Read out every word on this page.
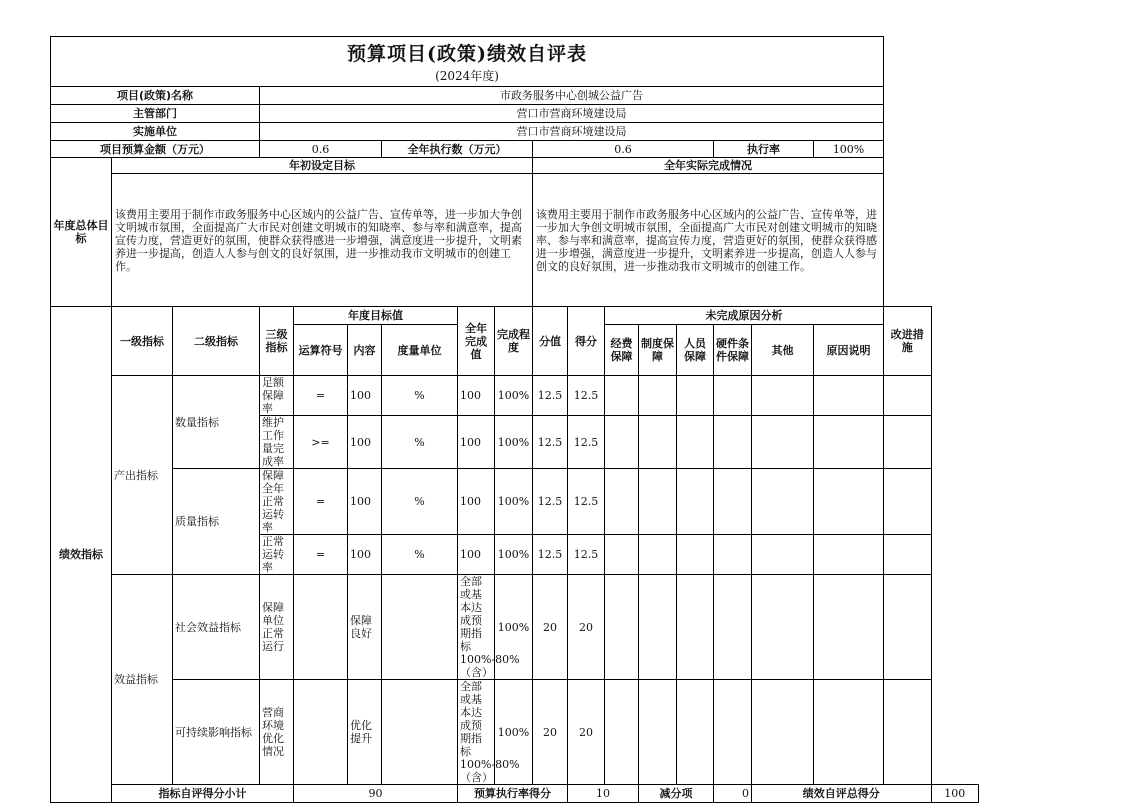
预算项目(政策)绩效自评表																		
(2024年度)																		
项目(政策)名称			市政务服务中心创城公益广告															
主管部门			营口市营商环境建设局															
实施单位			营口市营商环境建设局															
项目预算金额（万元）			0.6			全年执行数（万元）			0.6					执行率		100%		
年度总体目标	年初设定目标								全年实际完成情况									
	该费用主要用于制作市政务服务中心区域内的公益广告、宣传单等，进一步加大争创文明城市氛围，全面提高广大市民对创建文明城市的知晓率、参与率和满意率，提高宣传力度，营造更好的氛围，使群众获得感进一步增强，满意度进一步提升，文明素养进一步提高，创造人人参与创文的良好氛围，进一步推动我市文明城市的创建工作。								该费用主要用于制作市政务服务中心区域内的公益广告、宣传单等，进一步加大争创文明城市氛围，全面提高广大市民对创建文明城市的知晓率、参与率和满意率，提高宣传力度，营造更好的氛围，使群众获得感进一步增强，满意度进一步提升，文明素养进一步提高，创造人人参与创文的良好氛围，进一步推动我市文明城市的创建工作。									
绩效指标	一级指标	二级指标	三级指标	年度目标值			全年完成值	完成程度	分值	得分	未完成原因分析						改进措施	
				运算符号	内容	度量单位					经费保障	制度保障	人员保障	硬件条件保障	其他	原因说明		
	产出指标	数量指标	足额保障率	=	100	%	100	100%	12.5	12.5								
			维护工作量完成率	>=	100	%	100	100%	12.5	12.5								
		质量指标	保障全年正常运转率	=	100	%	100	100%	12.5	12.5								
			正常运转率	=	100	%	100	100%	12.5	12.5								
	效益指标	社会效益指标	保障单位正常运行		保障良好		全部或基本达成预期指标100%-80%（含）	100%	20	20								
		可持续影响指标	营商环境优化情况		优化提升		全部或基本达成预期指标100%-80%（含）	100%	20	20								
	指标自评得分小计			90			预算执行率得分			10		减分项		0	绩效自评总得分			100
